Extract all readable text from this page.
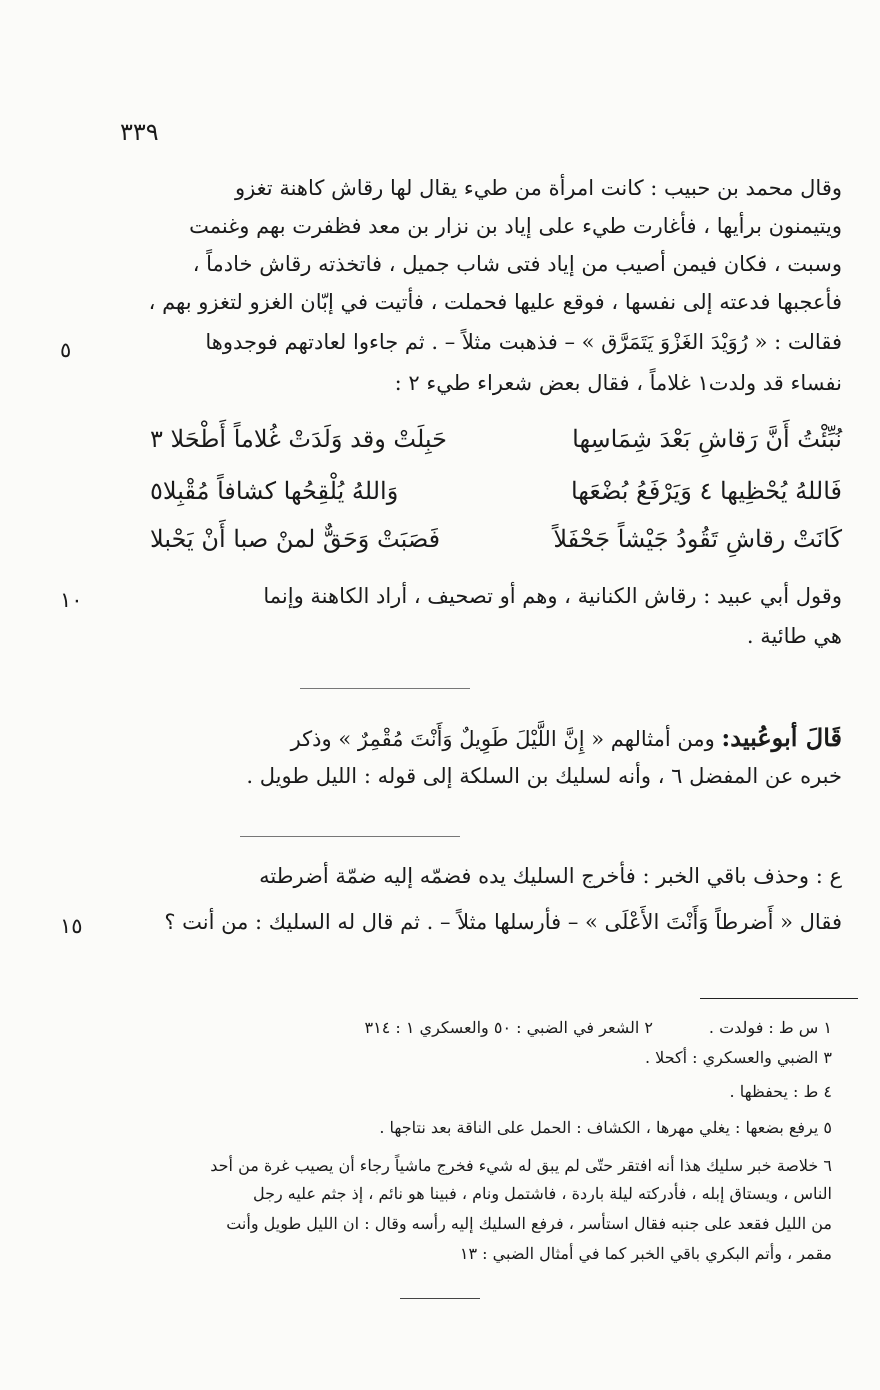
٣٣٩
وقال محمد بن حبيب : كانت امرأة من طيء يقال لها رقاش كاهنة تغزو
ويتيمنون برأيها ، فأغارت طيء على إياد بن نزار بن معد فظفرت بهم وغنمت
وسبت ، فكان فيمن أصيب من إياد فتى شاب جميل ، فاتخذته رقاش خادماً ،
فأعجبها فدعته إلى نفسها ، فوقع عليها فحملت ، فأتيت في إبّان الغزو لتغزو بهم ،
فقالت : « رُوَيْدَ الغَزْوَ يَتَمَرَّق » – فذهبت مثلاً – . ثم جاءوا لعادتهم فوجدوها
نفساء قد ولدت١ غلاماً ، فقال بعض شعراء طيء ٢ :
٥
نُبِّئْتُ أَنَّ رَقاشِ بَعْدَ شِمَاسِها
حَبِلَتْ وقد وَلَدَتْ غُلاماً أَطْحَلا ٣
فَاللهُ يُحْظِيها ٤ وَيَرْفَعُ بُضْعَها
وَاللهُ يُلْقِحُها كشافاً مُقْبِلا٥
كَانَتْ رقاشِ تَقُودُ جَيْشاً جَحْفَلاً
فَصَبَتْ وَحَقٌّ لمنْ صبا أَنْ يَحْبلا
وقول أبي عبيد : رقاش الكنانية ، وهم أو تصحيف ، أراد الكاهنة وإنما
هي طائية .
١٠
قَالَ أبوعُبيد: ومن أمثالهم « إِنَّ اللَّيْلَ طَوِيلٌ وَأَنْتَ مُقْمِرٌ » وذكر
خبره عن المفضل ٦ ، وأنه لسليك بن السلكة إلى قوله : الليل طويل .
ع : وحذف باقي الخبر : فأخرج السليك يده فضمّه إليه ضمّة أضرطته
فقال « أَضرطاً وَأَنْتَ الأَعْلَى » – فأرسلها مثلاً – . ثم قال له السليك : من أنت ؟
١٥
١ س ط : فولدت .           ٢ الشعر في الضبي : ٥٠ والعسكري ١ : ٣١٤
٣ الضبي والعسكري : أكحلا .
٤ ط : يحفظها .
٥ يرفع بضعها : يغلي مهرها ، الكشاف : الحمل على الناقة بعد نتاجها .
٦ خلاصة خبر سليك هذا أنه افتقر حتّى لم يبق له شيء فخرج ماشياً رجاء أن يصيب غرة من أحد
الناس ، ويستاق إبله ، فأدركته ليلة باردة ، فاشتمل ونام ، فبينا هو نائم ، إذ جثم عليه رجل
من الليل فقعد على جنبه فقال استأسر ، فرفع السليك إليه رأسه وقال : ان الليل طويل وأنت
مقمر ، وأتم البكري باقي الخبر كما في أمثال الضبي : ١٣
